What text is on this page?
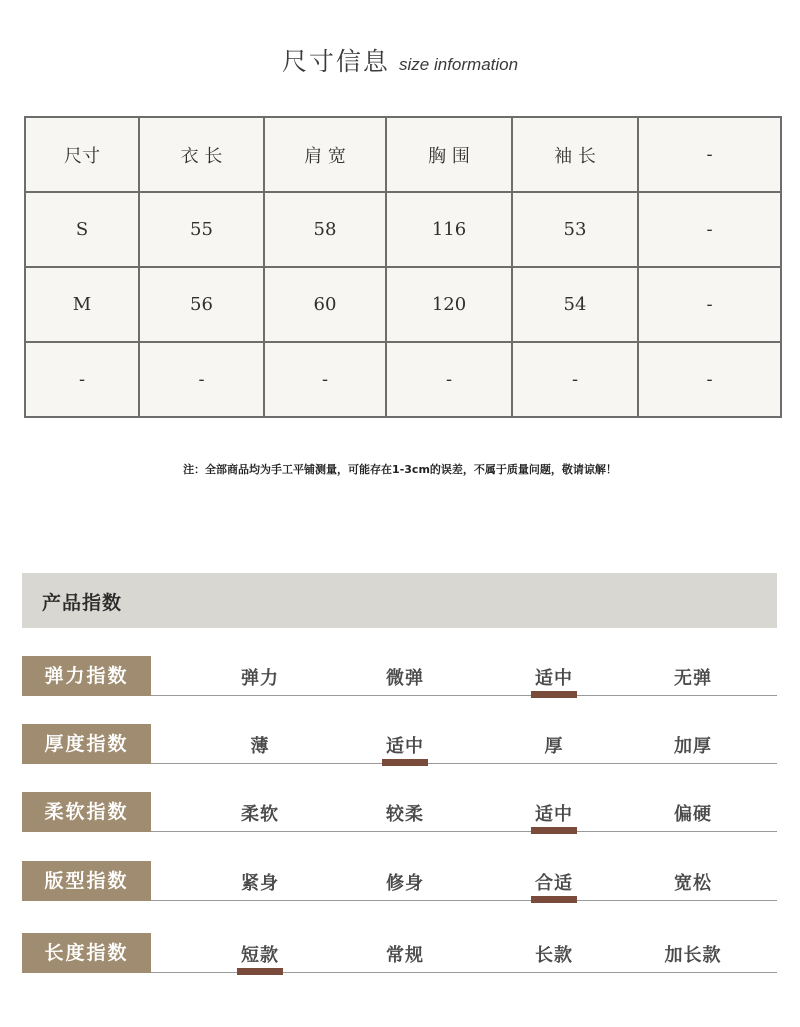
尺寸信息 size information
尺寸	衣 长	肩 宽	胸 围	袖 长	-
S	55	58	116	53	-
M	56	60	120	54	-
-	-	-	-	-	-
注：全部商品均为手工平铺测量，可能存在1-3cm的误差，不属于质量问题，敬请谅解！
产品指数
弹力指数	弹力	微弹	适中	无弹
厚度指数	薄	适中	厚	加厚
柔软指数	柔软	较柔	适中	偏硬
版型指数	紧身	修身	合适	宽松
长度指数	短款	常规	长款	加长款
